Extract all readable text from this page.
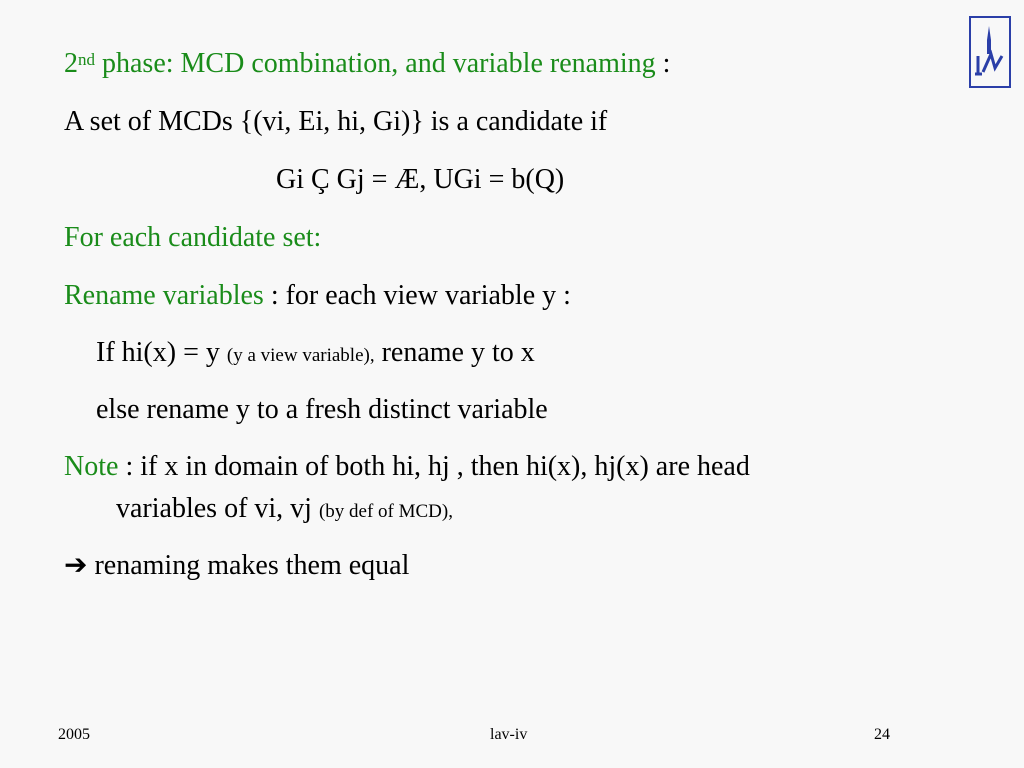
2nd phase: MCD combination, and variable renaming :
A set of MCDs {(vi, Ei, hi, Gi)} is a candidate if
Gi Ç Gj = Æ, UGi = b(Q)
For each candidate set:
Rename variables : for each view variable y :
If hi(x) = y (y a view variable), rename y to x
else rename y to a fresh distinct variable
Note : if x in domain of both hi, hj , then hi(x), hj(x) are head
variables of vi, vj (by def of MCD),
➔ renaming makes them equal
2005	lav-iv	24
